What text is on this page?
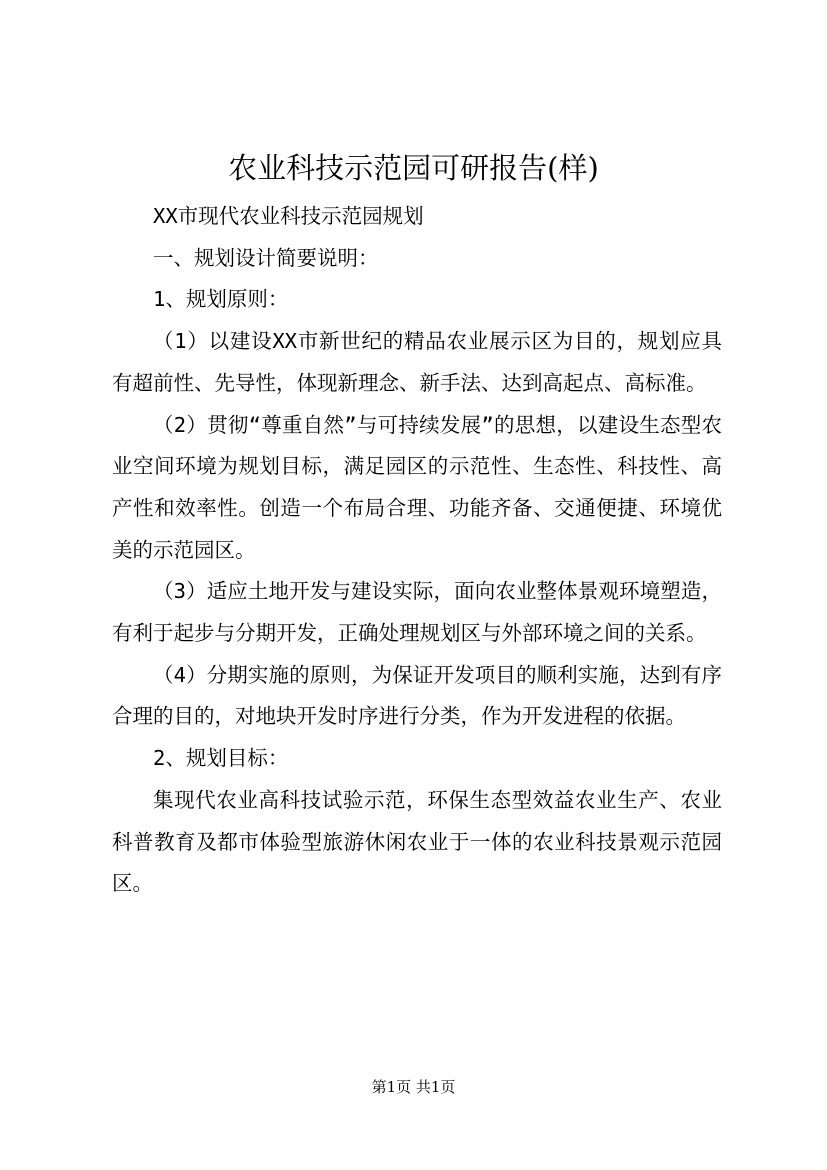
农业科技示范园可研报告(样)

XX市现代农业科技示范园规划

一、规划设计简要说明：

1、规划原则：

（1）以建设XX市新世纪的精品农业展示区为目的，规划应具有超前性、先导性，体现新理念、新手法、达到高起点、高标准。

（2）贯彻“尊重自然”与可持续发展”的思想，以建设生态型农业空间环境为规划目标，满足园区的示范性、生态性、科技性、高产性和效率性。创造一个布局合理、功能齐备、交通便捷、环境优美的示范园区。

（3）适应土地开发与建设实际，面向农业整体景观环境塑造，有利于起步与分期开发，正确处理规划区与外部环境之间的关系。

（4）分期实施的原则，为保证开发项目的顺利实施，达到有序合理的目的，对地块开发时序进行分类，作为开发进程的依据。

2、规划目标：

集现代农业高科技试验示范，环保生态型效益农业生产、农业科普教育及都市体验型旅游休闲农业于一体的农业科技景观示范园区。

第1页 共1页
